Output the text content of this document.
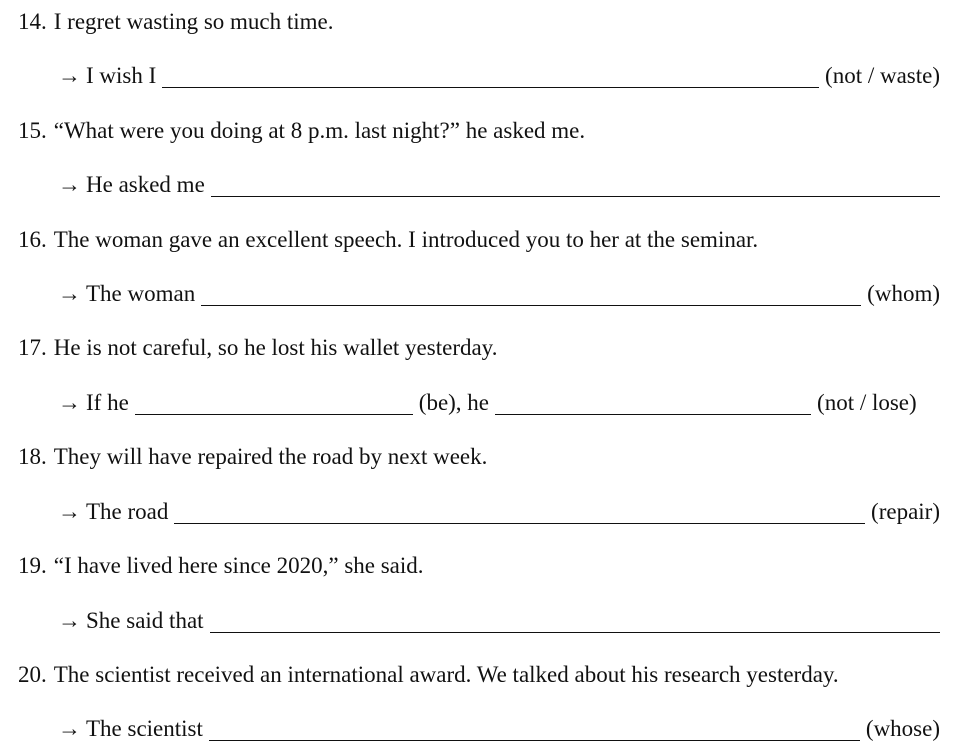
14. I regret wasting so much time.
→ I wish I	(not / waste)
15. “What were you doing at 8 p.m. last night?” he asked me.
→ He asked me
16. The woman gave an excellent speech. I introduced you to her at the seminar.
→ The woman	(whom)
17. He is not careful, so he lost his wallet yesterday.
→ If he	(be), he	(not / lose)
18. They will have repaired the road by next week.
→ The road	(repair)
19. “I have lived here since 2020,” she said.
→ She said that
20. The scientist received an international award. We talked about his research yesterday.
→ The scientist	(whose)
